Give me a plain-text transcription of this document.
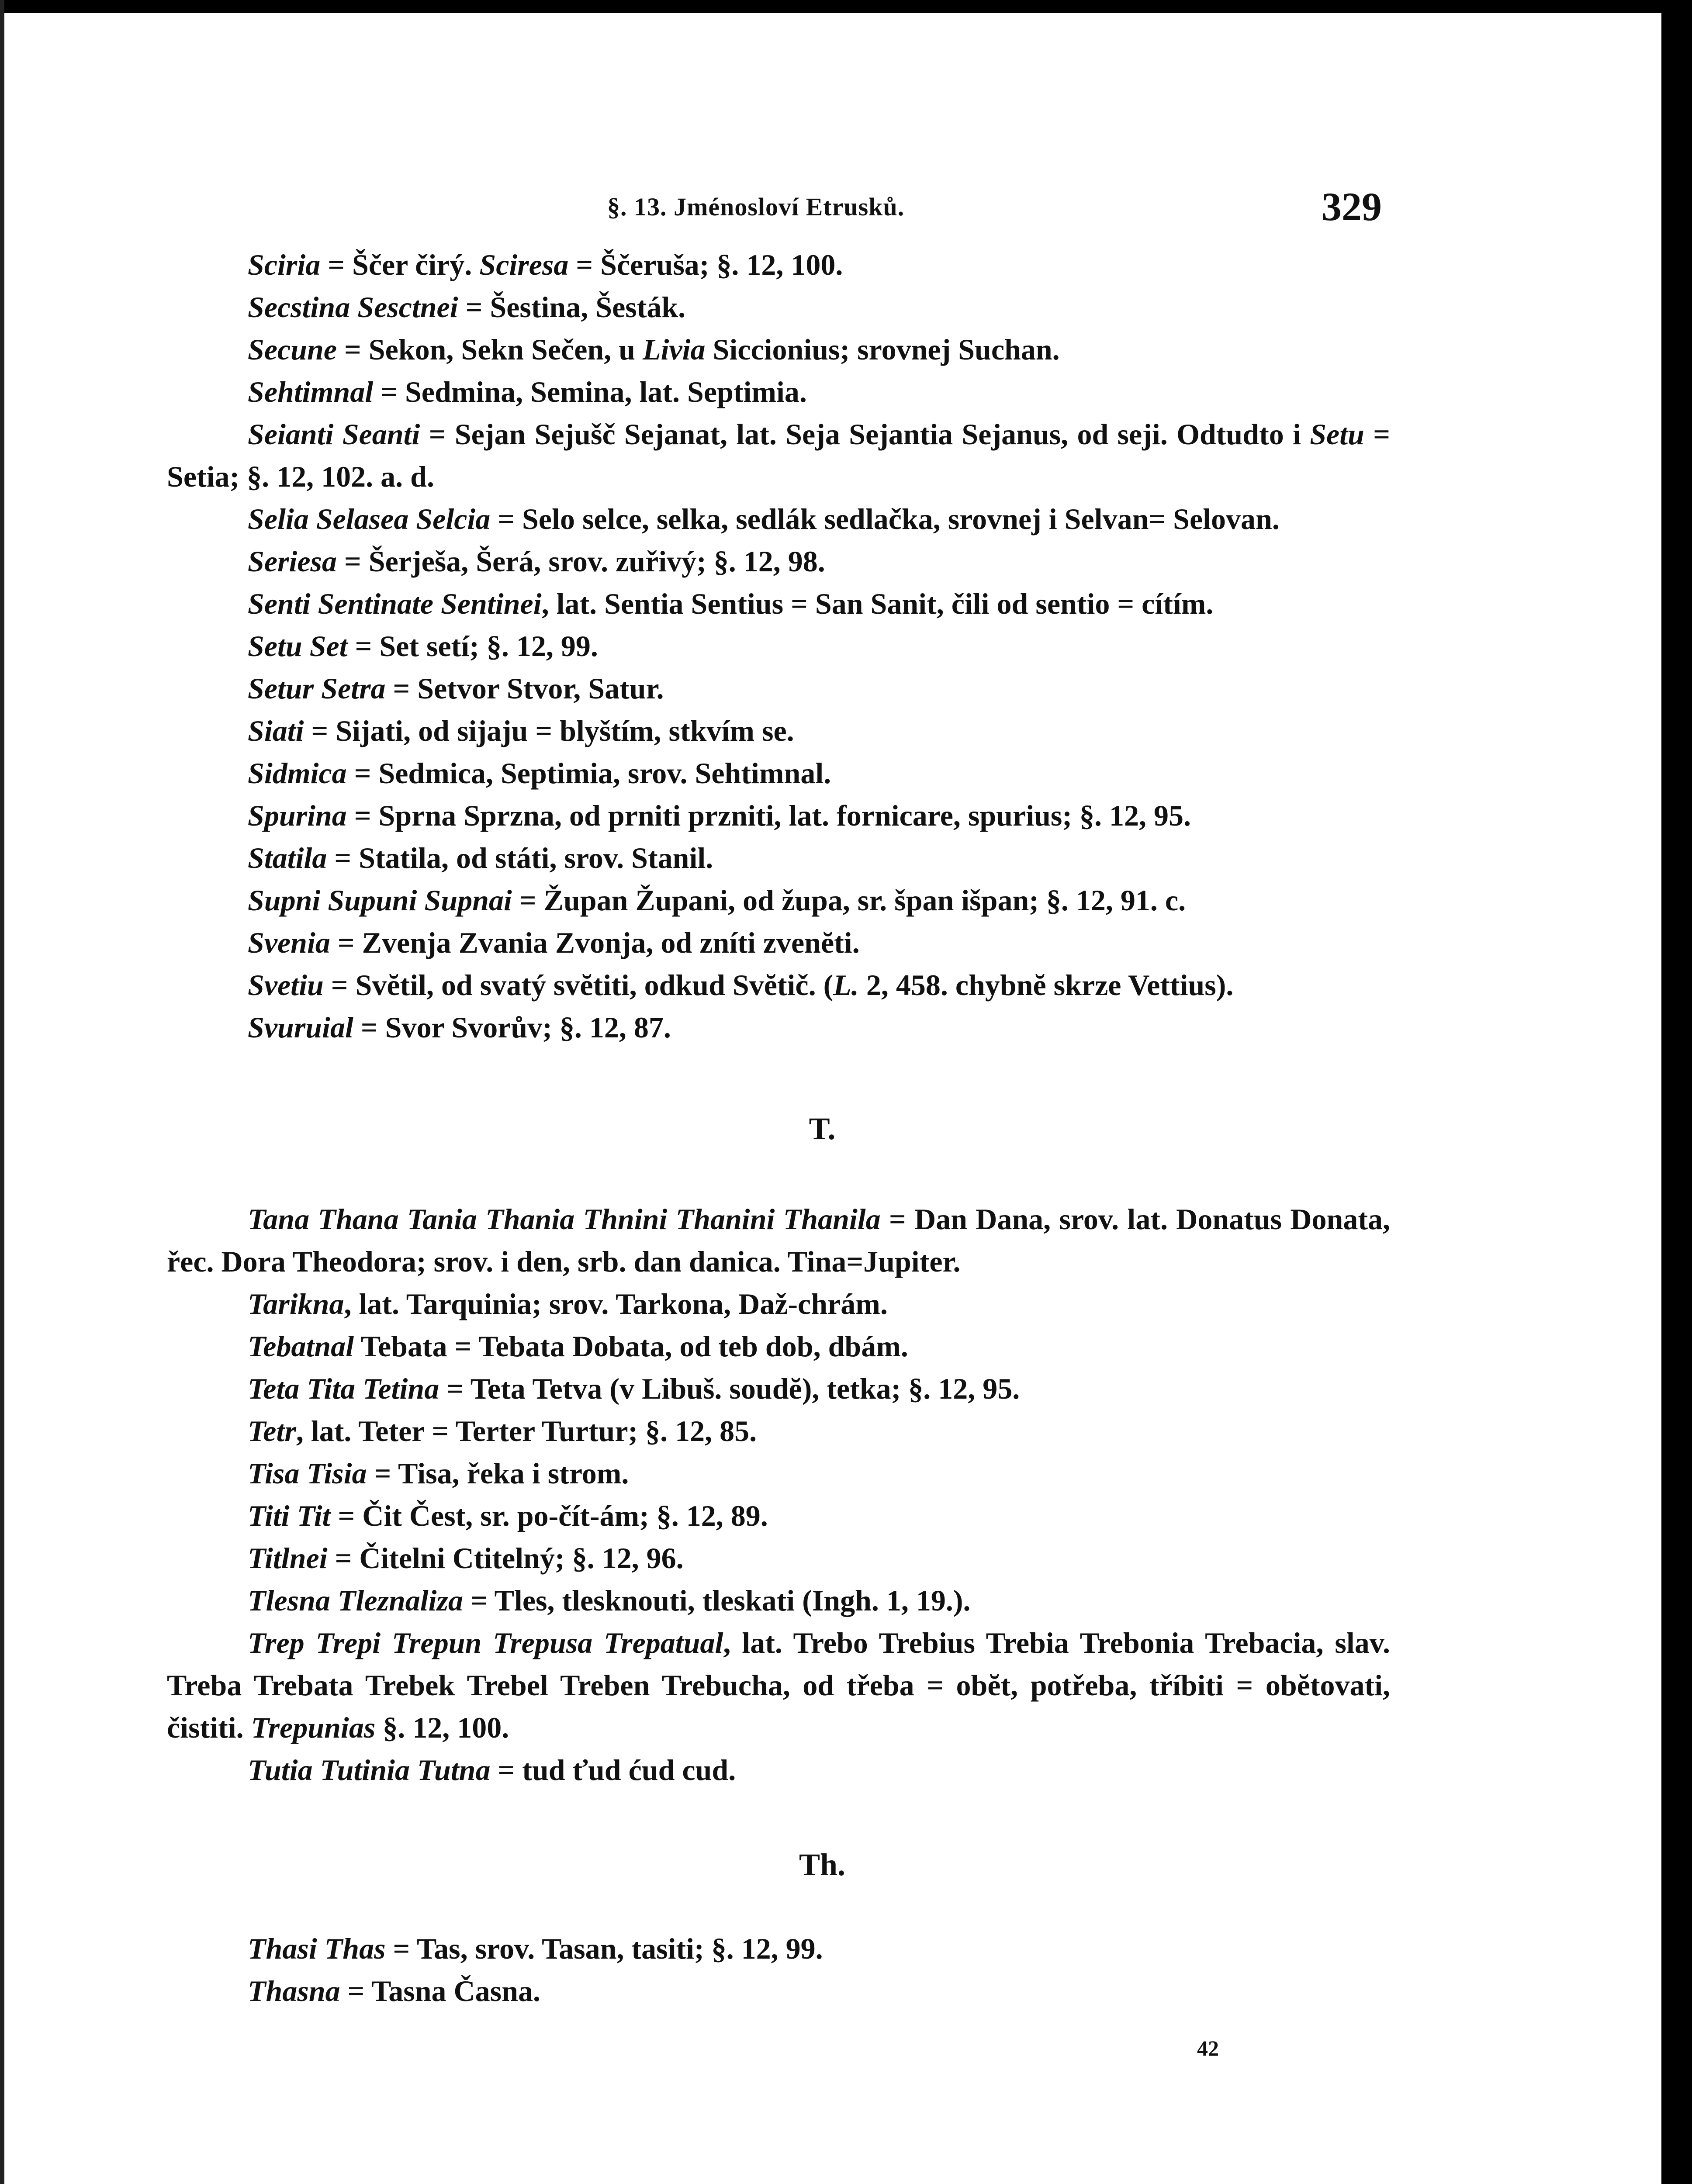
§. 13. Jménosloví Etrusků.	329

Sciria = Ščer čirý. Sciresa = Ščeruša; §. 12, 100.

Secstina Sesctnei = Šestina, Šesták.

Secune = Sekon, Sekn Sečen, u Livia Siccionius; srovnej Suchan.

Sehtimnal = Sedmina, Semina, lat. Septimia.

Seianti Seanti = Sejan Sejušč Sejanat, lat. Seja Sejantia Sejanus, od seji. Odtudto i Setu = Setia; §. 12, 102. a. d.

Selia Selasea Selcia = Selo selce, selka, sedlák sedlačka, srovnej i Selvan= Selovan.

Seriesa = Šerješa, Šerá, srov. zuřivý; §. 12, 98.

Senti Sentinate Sentinei, lat. Sentia Sentius = San Sanit, čili od sentio = cítím.

Setu Set = Set setí; §. 12, 99.

Setur Setra = Setvor Stvor, Satur.

Siati = Sijati, od sijaju = blyštím, stkvím se.

Sidmica = Sedmica, Septimia, srov. Sehtimnal.

Spurina = Sprna Sprzna, od prniti przniti, lat. fornicare, spurius; §. 12, 95.

Statila = Statila, od státi, srov. Stanil.

Supni Supuni Supnai = Župan Župani, od župa, sr. špan išpan; §. 12, 91. c.

Svenia = Zvenja Zvania Zvonja, od zníti zvenĕti.

Svetiu = Svĕtil, od svatý svĕtiti, odkud Svĕtič. (L. 2, 458. chybnĕ skrze Vettius).

Svuruial = Svor Svorův; §. 12, 87.

T.

Tana Thana Tania Thania Thnini Thanini Thanila = Dan Dana, srov. lat. Donatus Donata, řec. Dora Theodora; srov. i den, srb. dan danica. Tina=Jupiter.

Tarikna, lat. Tarquinia; srov. Tarkona, Daž-chrám.

Tebatnal Tebata = Tebata Dobata, od teb dob, dbám.

Teta Tita Tetina = Teta Tetva (v Libuš. soudĕ), tetka; §. 12, 95.

Tetr, lat. Teter = Terter Turtur; §. 12, 85.

Tisa Tisia = Tisa, řeka i strom.

Titi Tit = Čit Čest, sr. po-čít-ám; §. 12, 89.

Titlnei = Čitelni Ctitelný; §. 12, 96.

Tlesna Tleznaliza = Tles, tlesknouti, tleskati (Ingh. 1, 19.).

Trep Trepi Trepun Trepusa Trepatual, lat. Trebo Trebius Trebia Trebonia Trebacia, slav. Treba Trebata Trebek Trebel Treben Trebucha, od třeba = obĕt, potřeba, tříbiti = obĕtovati, čistiti. Trepunias §. 12, 100.

Tutia Tutinia Tutna = tud ťud ćud cud.

Th.

Thasi Thas = Tas, srov. Tasan, tasiti; §. 12, 99.

Thasna = Tasna Časna.

42
